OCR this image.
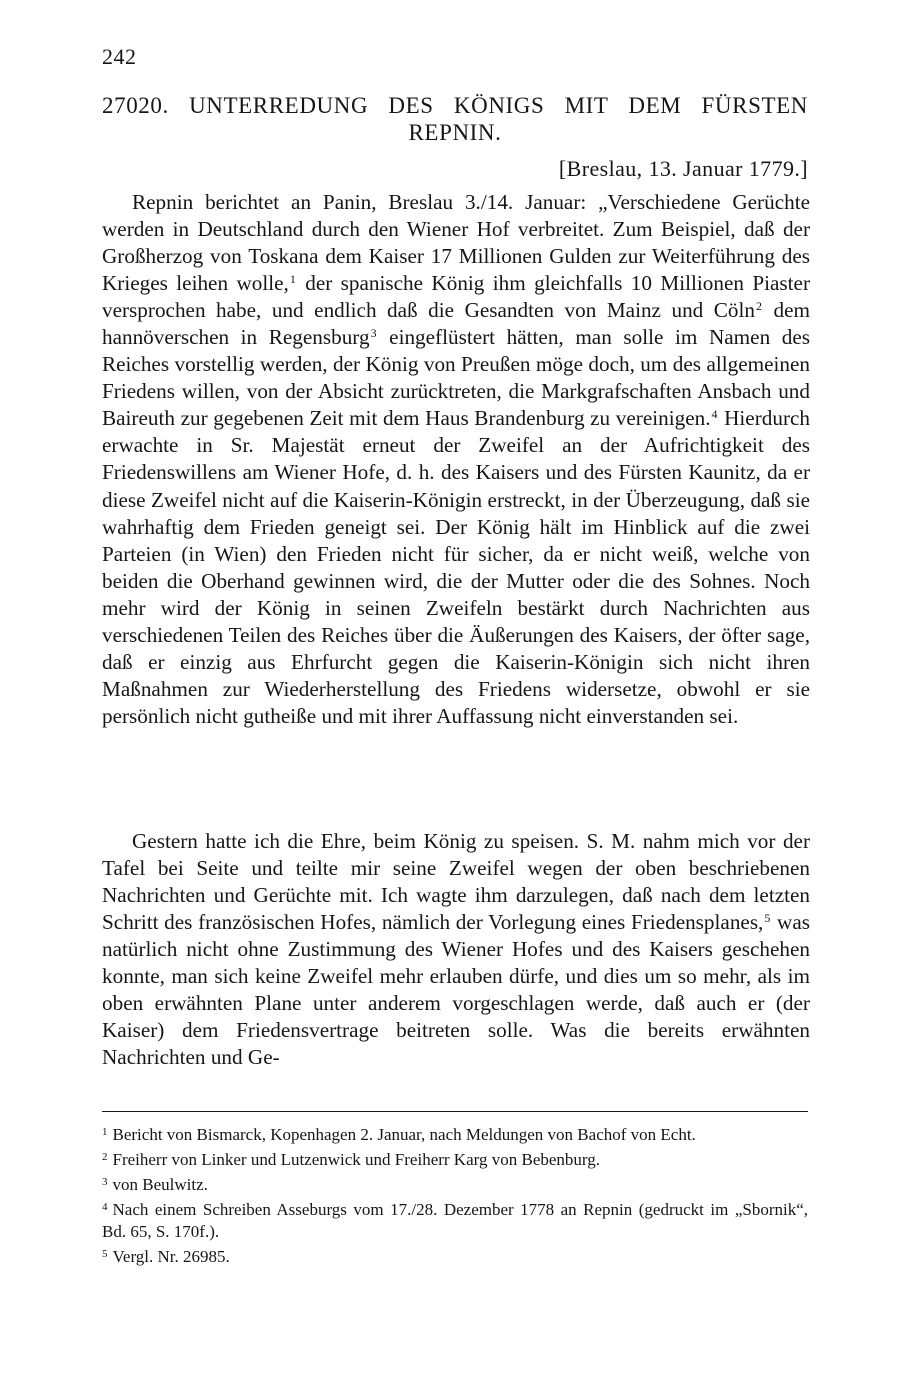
242
27020. UNTERREDUNG DES KÖNIGS MIT DEM FÜRSTEN
REPNIN.
[Breslau, 13. Januar 1779.]

Repnin berichtet an Panin, Breslau 3./14. Januar: „Verschiedene Gerüchte werden in Deutschland durch den Wiener Hof verbreitet. Zum Beispiel, daß der Großherzog von Toskana dem Kaiser 17 Millionen Gulden zur Weiterführung des Krieges leihen wolle,$^1$ der spanische König ihm gleichfalls 10 Millionen Piaster versprochen habe, und endlich daß die Gesandten von Mainz und Cöln$^2$ dem hannöverschen in Regensburg$^3$ eingeflüstert hätten, man solle im Namen des Reiches vorstellig werden, der König von Preußen möge doch, um des allgemeinen Friedens willen, von der Absicht zurücktreten, die Markgrafschaften Ansbach und Baireuth zur gegebenen Zeit mit dem Haus Brandenburg zu vereinigen.$^4$ Hierdurch erwachte in Sr. Majestät erneut der Zweifel an der Aufrichtigkeit des Friedenswillens am Wiener Hofe, d. h. des Kaisers und des Fürsten Kaunitz, da er diese Zweifel nicht auf die Kaiserin-Königin erstreckt, in der Überzeugung, daß sie wahrhaftig dem Frieden geneigt sei. Der König hält im Hinblick auf die zwei Parteien (in Wien) den Frieden nicht für sicher, da er nicht weiß, welche von beiden die Oberhand gewinnen wird, die der Mutter oder die des Sohnes. Noch mehr wird der König in seinen Zweifeln bestärkt durch Nachrichten aus verschiedenen Teilen des Reiches über die Äußerungen des Kaisers, der öfter sage, daß er einzig aus Ehrfurcht gegen die Kaiserin-Königin sich nicht ihren Maßnahmen zur Wiederherstellung des Friedens widersetze, obwohl er sie persönlich nicht gutheiße und mit ihrer Auffassung nicht einverstanden sei.

Gestern hatte ich die Ehre, beim König zu speisen. S. M. nahm mich vor der Tafel bei Seite und teilte mir seine Zweifel wegen der oben beschriebenen Nachrichten und Gerüchte mit. Ich wagte ihm darzulegen, daß nach dem letzten Schritt des französischen Hofes, nämlich der Vorlegung eines Friedensplanes,$^5$ was natürlich nicht ohne Zustimmung des Wiener Hofes und des Kaisers geschehen konnte, man sich keine Zweifel mehr erlauben dürfe, und dies um so mehr, als im oben erwähnten Plane unter anderem vorgeschlagen werde, daß auch er (der Kaiser) dem Friedensvertrage beitreten solle. Was die bereits erwähnten Nachrichten und Ge-

$^1$ Bericht von Bismarck, Kopenhagen 2. Januar, nach Meldungen von Bachof von Echt.
$^2$ Freiherr von Linker und Lutzenwick und Freiherr Karg von Bebenburg.
$^3$ von Beulwitz.
$^4$ Nach einem Schreiben Asseburgs vom 17./28. Dezember 1778 an Repnin (gedruckt im „Sbornik“, Bd. 65, S. 170f.).
$^5$ Vergl. Nr. 26985.
